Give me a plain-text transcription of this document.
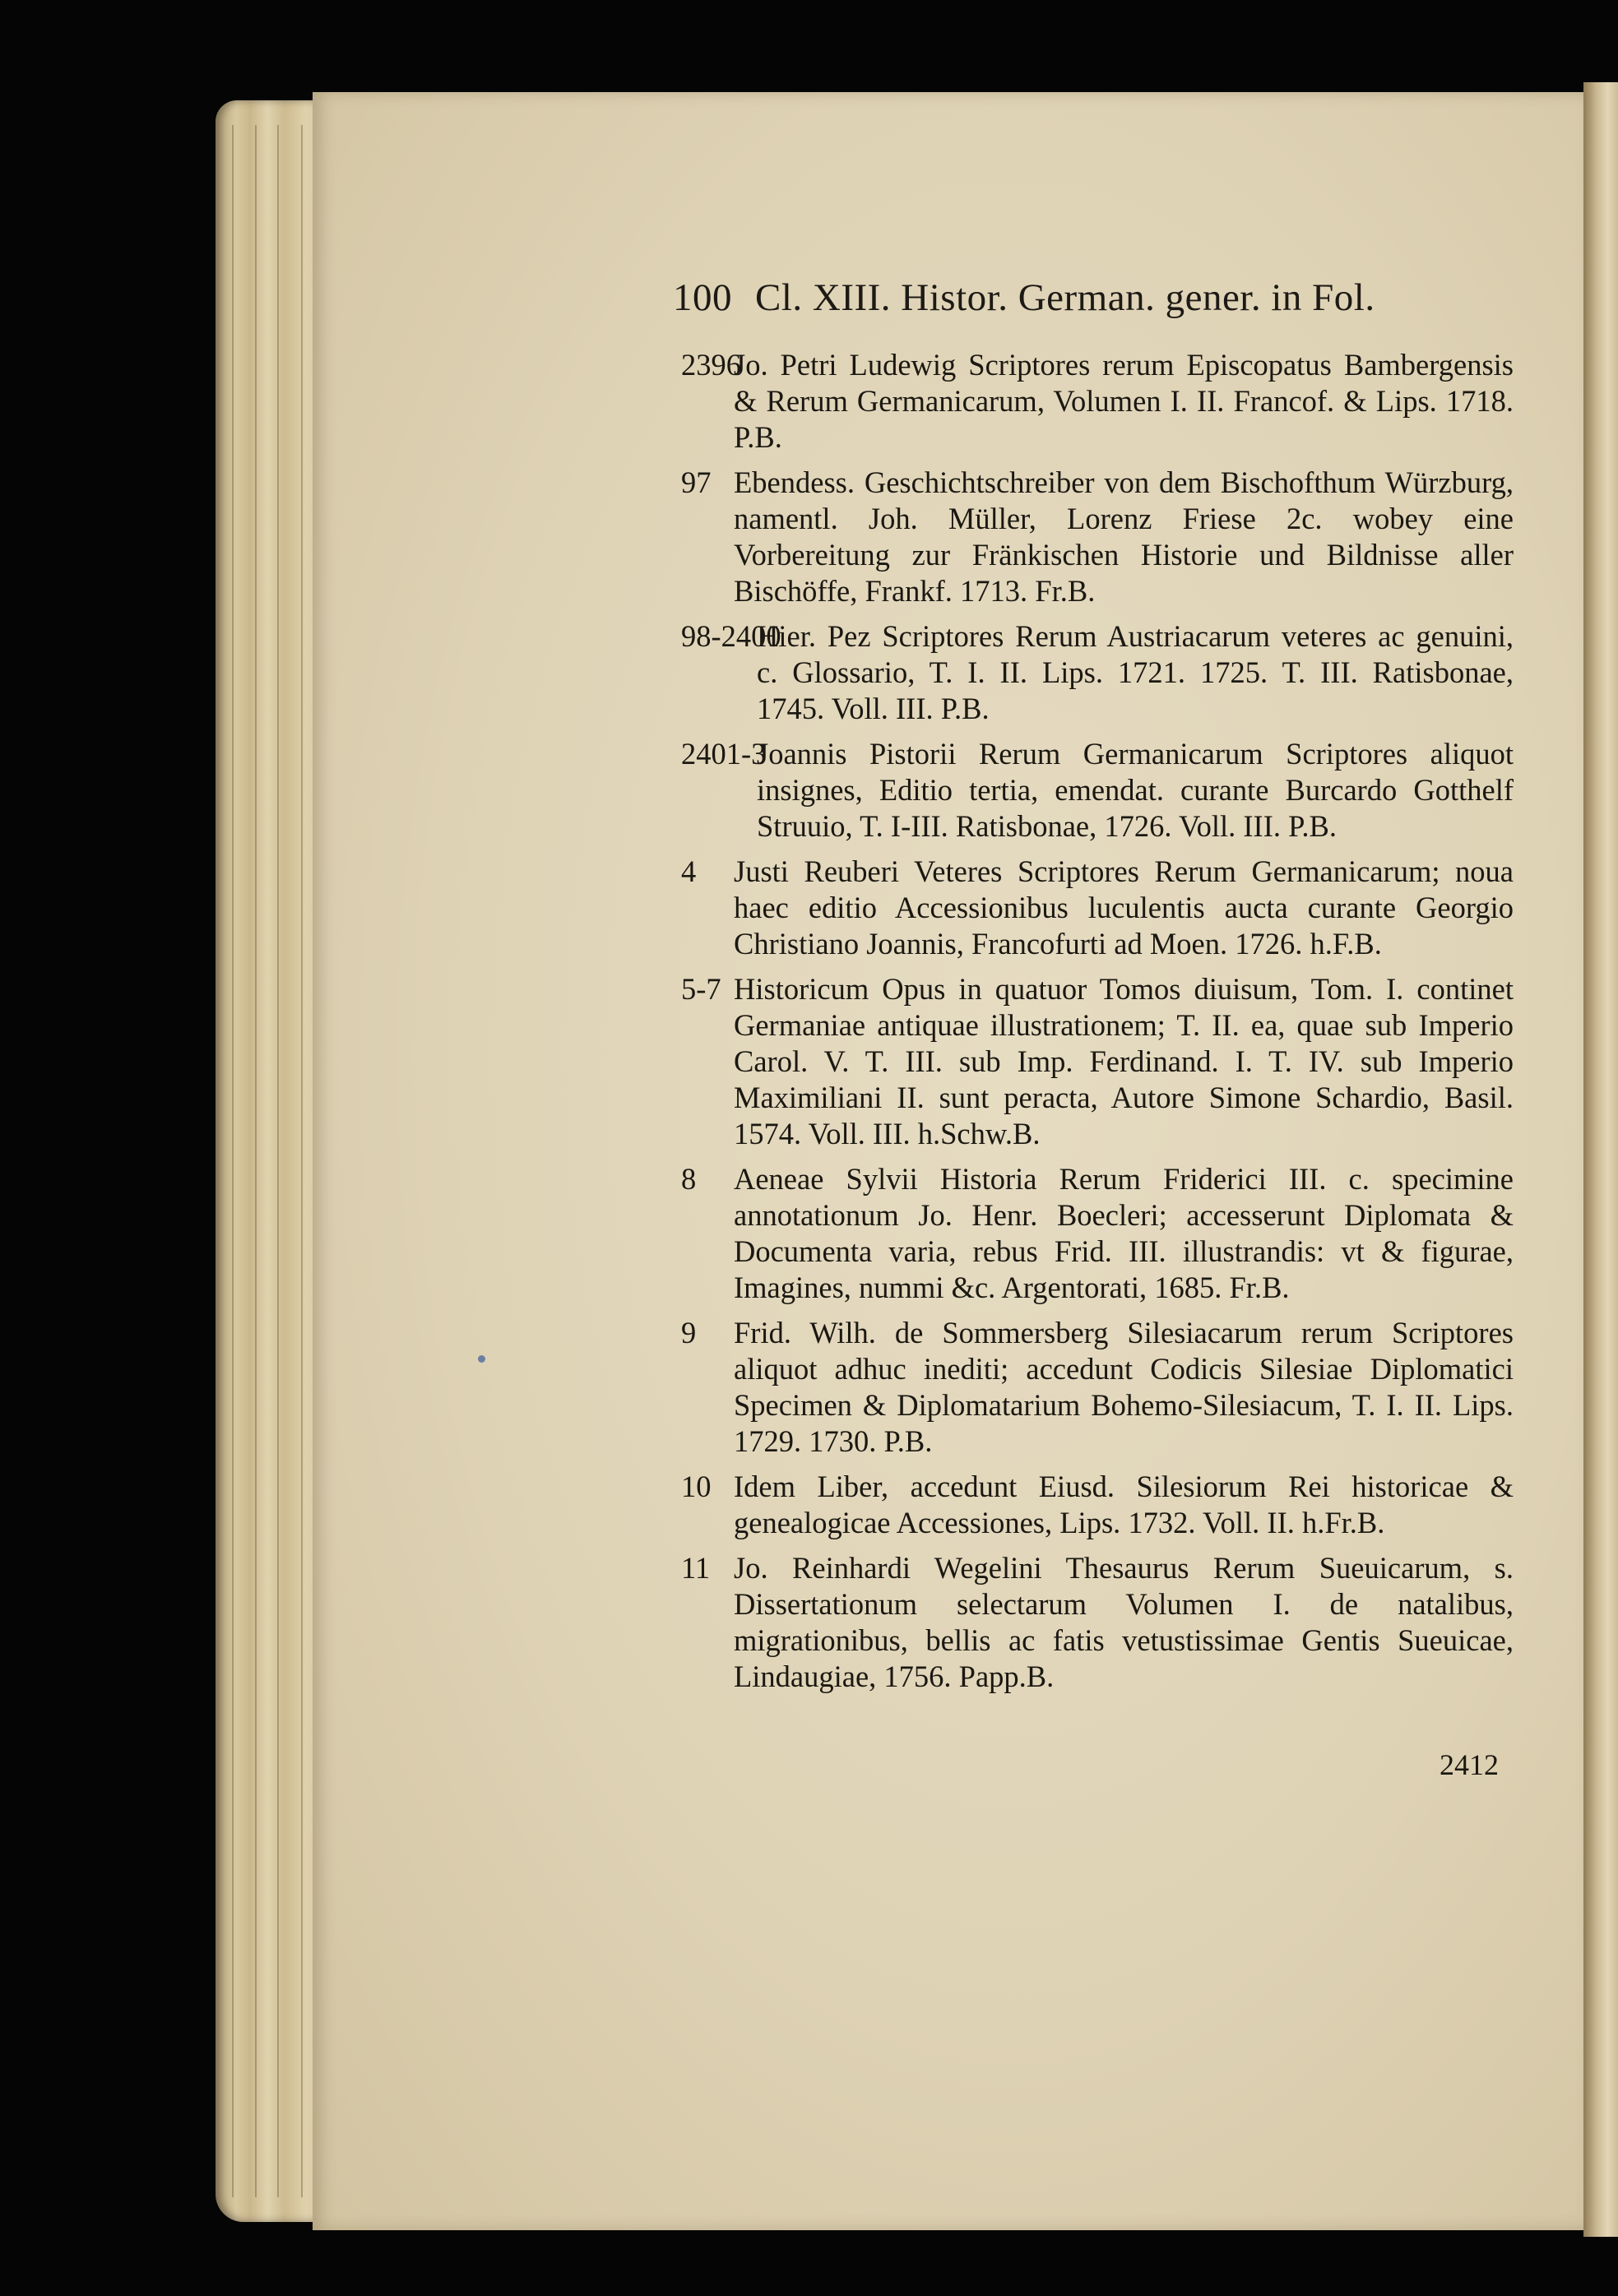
100 Cl. XIII. Histor. German. gener. in Fol.
2396
Jo. Petri Ludewig Scriptores rerum Episcopatus Bambergensis & Rerum Germanicarum, Volumen I. II. Francof. & Lips. 1718. P.B.
97 Ebendess. Geschichtschreiber von dem Bischofthum Würzburg, namentl. Joh. Müller, Lorenz Friese 2c. wobey eine Vorbereitung zur Fränkischen Historie und Bildnisse aller Bischöffe, Frankf. 1713. Fr.B.
98-2400
Hier. Pez Scriptores Rerum Austriacarum veteres ac genuini, c. Glossario, T. I. II. Lips. 1721. 1725. T. III. Ratisbonae, 1745. Voll. III. P.B.
2401-3
Joannis Pistorii Rerum Germanicarum Scriptores aliquot insignes, Editio tertia, emendat. curante Burcardo Gotthelf Struuio, T. I-III. Ratisbonae, 1726. Voll. III. P.B.
4 Justi Reuberi Veteres Scriptores Rerum Germanicarum; noua haec editio Accessionibus luculentis aucta curante Georgio Christiano Joannis, Francofurti ad Moen. 1726. h.F.B.
5-7 Historicum Opus in quatuor Tomos diuisum, Tom. I. continet Germaniae antiquae illustrationem; T. II. ea, quae sub Imperio Carol. V. T. III. sub Imp. Ferdinand. I. T. IV. sub Imperio Maximiliani II. sunt peracta, Autore Simone Schardio, Basil. 1574. Voll. III. h.Schw.B.
8 Aeneae Sylvii Historia Rerum Friderici III. c. specimine annotationum Jo. Henr. Boecleri; accesserunt Diplomata & Documenta varia, rebus Frid. III. illustrandis: vt & figurae, Imagines, nummi &c. Argentorati, 1685. Fr.B.
9 Frid. Wilh. de Sommersberg Silesiacarum rerum Scriptores aliquot adhuc inediti; accedunt Codicis Silesiae Diplomatici Specimen & Diplomatarium Bohemo-Silesiacum, T. I. II. Lips. 1729. 1730. P.B.
10 Idem Liber, accedunt Eiusd. Silesiorum Rei historicae & genealogicae Accessiones, Lips. 1732. Voll. II. h.Fr.B.
11 Jo. Reinhardi Wegelini Thesaurus Rerum Sueuicarum, s. Dissertationum selectarum Volumen I. de natalibus, migrationibus, bellis ac fatis vetustissimae Gentis Sueuicae, Lindaugiae, 1756. Papp.B.
2412
